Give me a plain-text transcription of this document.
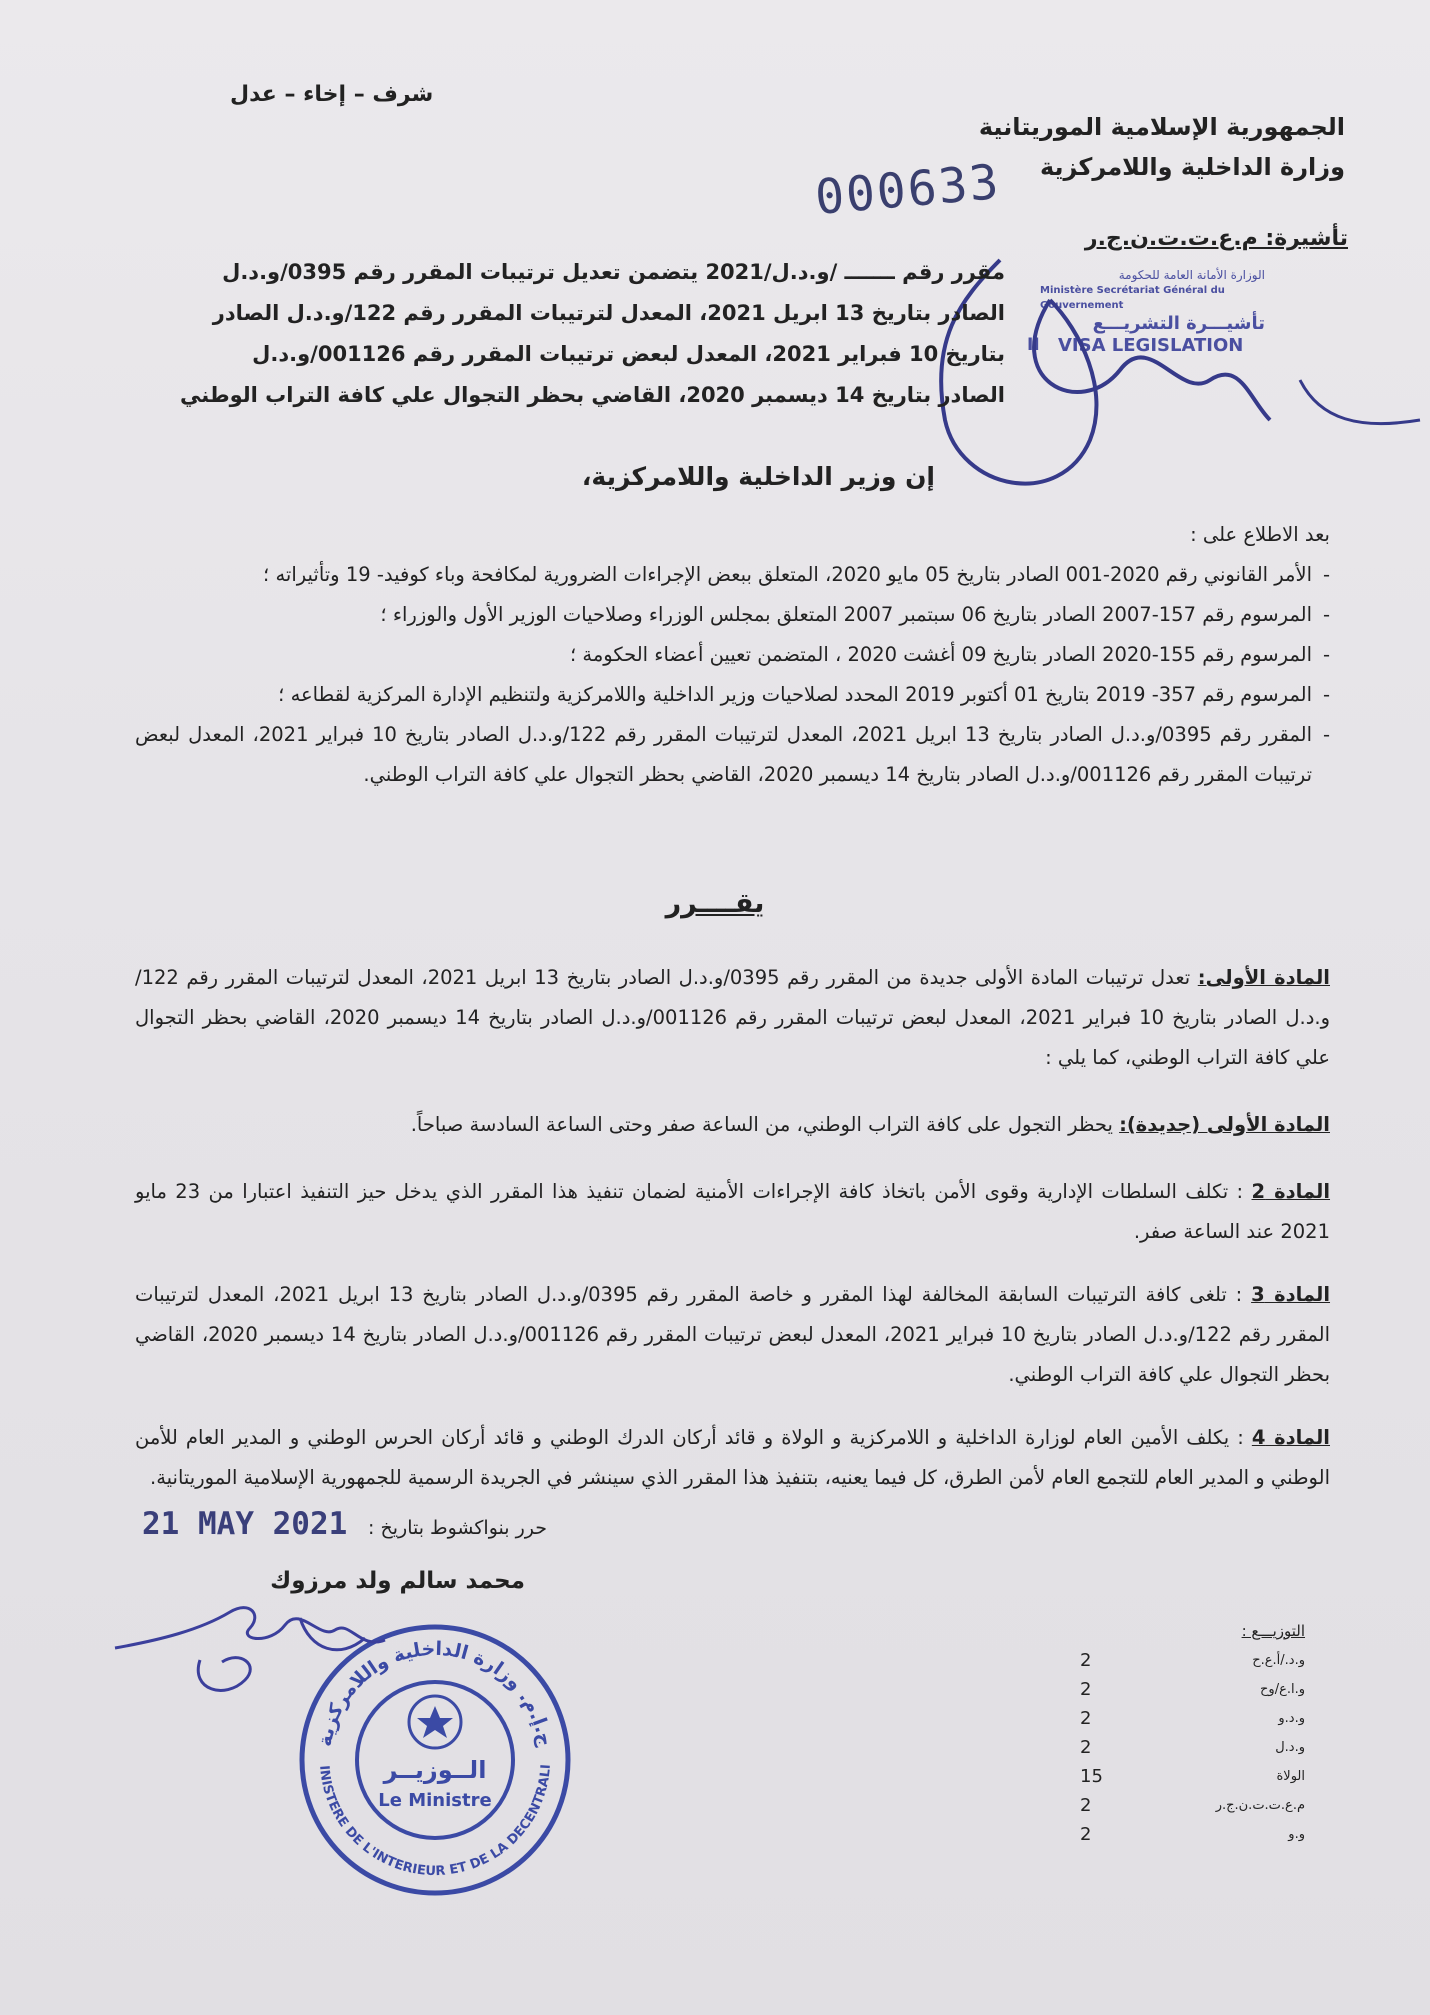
شرف – إخاء – عدل
الجمهورية الإسلامية الموريتانية
وزارة الداخلية واللامركزية
000633
تأشيرة: م.ع.ت.ت.ن.ج.ر
الوزارة الأمانة العامة للحكومة
Ministère Secrétariat Général du Gouvernement
تأشيـــرة التشريـــع
VISA LEGISLATION
II
مقرر رقم ـــــــ /و.د.ل/2021 يتضمن تعديل ترتيبات المقرر رقم 0395/و.د.ل
الصادر بتاريخ 13 ابريل 2021، المعدل لترتيبات المقرر رقم 122/و.د.ل الصادر
بتاريخ 10 فبراير 2021، المعدل لبعض ترتيبات المقرر رقم 001126/و.د.ل
الصادر بتاريخ 14 ديسمبر 2020، القاضي بحظر التجوال علي كافة التراب الوطني
إن وزير الداخلية واللامركزية،
بعد الاطلاع على :
- الأمر القانوني رقم 2020-001 الصادر بتاريخ 05 مايو 2020، المتعلق ببعض الإجراءات الضرورية لمكافحة وباء كوفيد- 19 وتأثيراته ؛
- المرسوم رقم 157-2007 الصادر بتاريخ 06 سبتمبر 2007 المتعلق بمجلس الوزراء وصلاحيات الوزير الأول والوزراء ؛
- المرسوم رقم 155-2020 الصادر بتاريخ 09 أغشت 2020 ، المتضمن تعيين أعضاء الحكومة ؛
- المرسوم رقم 357- 2019 بتاريخ 01 أكتوبر 2019 المحدد لصلاحيات وزير الداخلية واللامركزية ولتنظيم الإدارة المركزية لقطاعه ؛
- المقرر رقم 0395/و.د.ل الصادر بتاريخ 13 ابريل 2021، المعدل لترتيبات المقرر رقم 122/و.د.ل الصادر بتاريخ 10 فبراير 2021، المعدل لبعض ترتيبات المقرر رقم 001126/و.د.ل الصادر بتاريخ 14 ديسمبر 2020، القاضي بحظر التجوال علي كافة التراب الوطني.
يقــــرر
المادة الأولى: تعدل ترتيبات المادة الأولى جديدة من المقرر رقم 0395/و.د.ل الصادر بتاريخ 13 ابريل 2021، المعدل لترتيبات المقرر رقم 122/و.د.ل الصادر بتاريخ 10 فبراير 2021، المعدل لبعض ترتيبات المقرر رقم 001126/و.د.ل الصادر بتاريخ 14 ديسمبر 2020، القاضي بحظر التجوال علي كافة التراب الوطني، كما يلي :
المادة الأولى (جديدة): يحظر التجول على كافة التراب الوطني، من الساعة صفر وحتى الساعة السادسة صباحاً.
المادة 2 : تكلف السلطات الإدارية وقوى الأمن باتخاذ كافة الإجراءات الأمنية لضمان تنفيذ هذا المقرر الذي يدخل حيز التنفيذ اعتبارا من 23 مايو 2021 عند الساعة صفر.
المادة 3 : تلغى كافة الترتيبات السابقة المخالفة لهذا المقرر و خاصة المقرر رقم 0395/و.د.ل الصادر بتاريخ 13 ابريل 2021، المعدل لترتيبات المقرر رقم 122/و.د.ل الصادر بتاريخ 10 فبراير 2021، المعدل لبعض ترتيبات المقرر رقم 001126/و.د.ل الصادر بتاريخ 14 ديسمبر 2020، القاضي بحظر التجوال علي كافة التراب الوطني.
المادة 4 : يكلف الأمين العام لوزارة الداخلية و اللامركزية و الولاة و قائد أركان الدرك الوطني و قائد أركان الحرس الوطني و المدير العام للأمن الوطني و المدير العام للتجمع العام لأمن الطرق، كل فيما يعنيه، بتنفيذ هذا المقرر الذي سينشر في الجريدة الرسمية للجمهورية الإسلامية الموريتانية.
حرر بنواكشوط بتاريخ :
21 MAY 2021
محمد سالم ولد مرزوك
ج.إ.م. وزارة الداخلية واللامركزية
RIM - MINISTERE DE L'INTERIEUR ET DE LA DECENTRALISATION
الــوزيــر
Le Ministre
التوزيـــع :
و.د./أ.ع.ح	2
و.ا.ع/وح	2
و.د.و	2
و.د.ل	2
الولاة	15
م.ع.ت.ت.ن.ج.ر	2
و.و	2
